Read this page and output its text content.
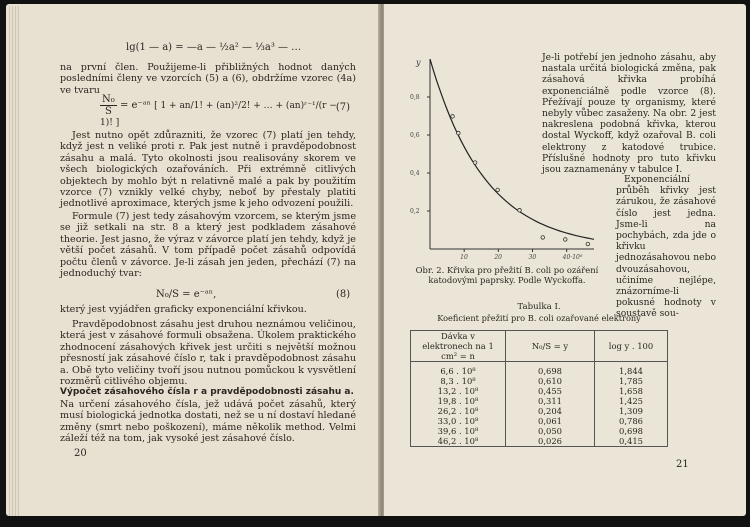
lg(1 — a) = —a — ½a² — ⅓a³ — …
na první člen. Použijeme-li přibližných hodnot daných posledními členy ve vzorcích (5) a (6), obdržíme vzorec (4a) ve tvaru
$\frac{\text{N₀}}{S}$ = e⁻ᵃⁿ [ 1 + an/1! + (an)²/2! + … + (an)ʳ⁻¹/(r − 1)! ]
(7)
Jest nutno opět zdůrazniti, že vzorec (7) platí jen tehdy, když jest n veliké proti r. Pak jest nutně i pravděpodobnost zásahu a malá. Tyto okolnosti jsou realisovány skorem ve všech biologických ozařováních. Při extrémně citlivých objektech by mohlo být n relativně malé a pak by použitím vzorce (7) vznikly velké chyby, neboť by přestaly platiti jednotlivé aproximace, kterých jsme k jeho odvození použili.
Formule (7) jest tedy zásahovým vzorcem, se kterým jsme se již setkali na str. 8 a který jest podkladem zásahové theorie. Jest jasno, že výraz v závorce platí jen tehdy, když je větší počet zásahů. V tom případě počet zásahů odpovídá počtu členů v závorce. Je-li zásah jen jeden, přechází (7) na jednoduchý tvar:
N₀/S = e⁻ᵃⁿ,	(8)
který jest vyjádřen graficky exponenciální křivkou.
Pravděpodobnost zásahu jest druhou neznámou veličinou, která jest v zásahové formuli obsažena. Úkolem praktického zhodnocení zásahových křivek jest určiti s největší možnou přesností jak zásahové číslo r, tak i pravděpodobnost zásahu a. Obě tyto veličiny tvoří jsou nutnou pomůckou k vysvětlení rozměrů citlivého objemu.
Výpočet zásahového čísla r a pravděpodobnosti zásahu a.
Na určení zásahového čísla, jež udává počet zásahů, který musí biologická jednotka dostati, než se u ní dostaví hledané změny (smrt nebo poškození), máme několik method. Velmi záleží též na tom, jak vysoké jest zásahové číslo.
20
y
0,8
0,6
0,4
0,2
10	20	30	40·10⁸
Obr. 2. Křivka pro přežití B. coli po ozáření katodovými paprsky. Podle Wyckoffa.
Je-li potřebí jen jednoho zásahu, aby nastala určitá biologická změna, pak zásahová křivka probíhá exponenciálně podle vzorce (8). Přežívají pouze ty organismy, které nebyly vůbec zasaženy. Na obr. 2 jest nakreslena podobná křivka, kterou dostal Wyckoff, když ozařoval B. coli elektrony z katodové trubice. Příslušné hodnoty pro tuto křivku jsou zaznamenány v tabulce I.
Exponenciální průběh křivky jest zárukou, že zásahové číslo jest jedna. Jsme-li na pochybách, zda jde o křivku jednozásahovou nebo dvouzásahovou, učiníme nejlépe, znázorníme-li pokusné hodnoty v soustavě sou-
Tabulka I.
Koeficient přežití pro B. coli ozařované elektrony
Dávka v elektronech na 1 cm² = n	N₀/S = y	log y . 100
6,6 . 10⁸	0,698	1,844
8,3 . 10⁸	0,610	1,785
13,2 . 10⁸	0,455	1,658
19,8 . 10⁸	0,311	1,425
26,2 . 10⁸	0,204	1,309
33,0 . 10⁸	0,061	0,786
39,6 . 10⁸	0,050	0,698
46,2 . 10⁸	0,026	0,415
21
